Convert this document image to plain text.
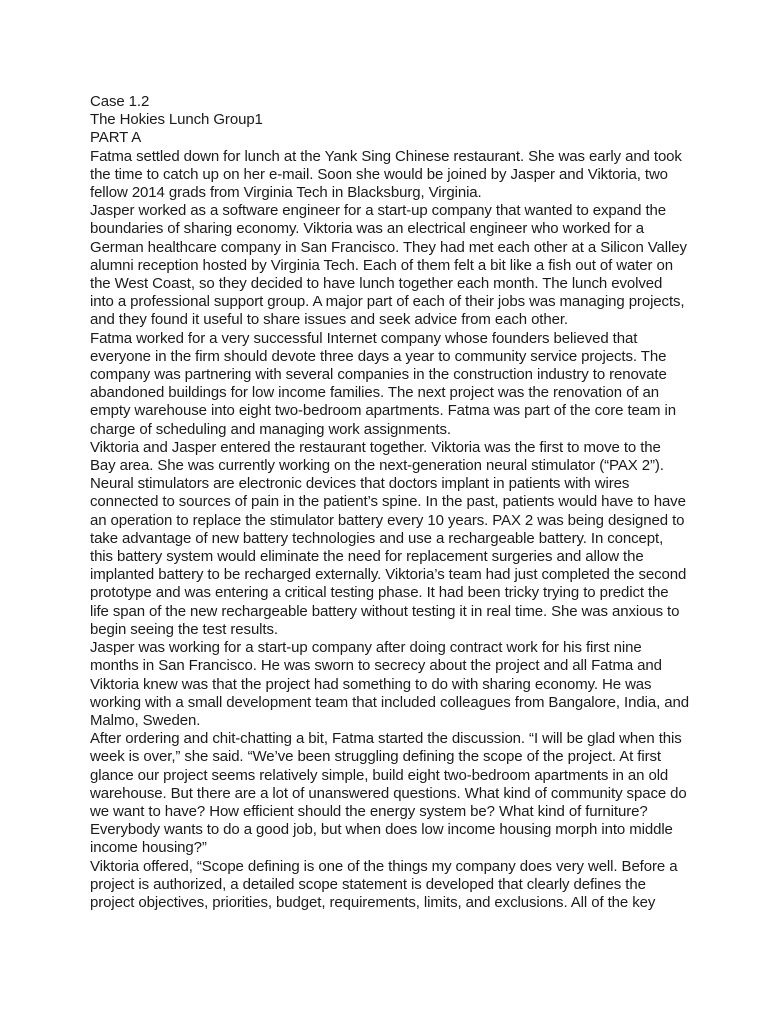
Case 1.2

The Hokies Lunch Group1

PART A

Fatma settled down for lunch at the Yank Sing Chinese restaurant. She was early and took the time to catch up on her e-mail. Soon she would be joined by Jasper and Viktoria, two fellow 2014 grads from Virginia Tech in Blacksburg, Virginia.

Jasper worked as a software engineer for a start-up company that wanted to expand the boundaries of sharing economy. Viktoria was an electrical engineer who worked for a German healthcare company in San Francisco. They had met each other at a Silicon Valley alumni reception hosted by Virginia Tech. Each of them felt a bit like a fish out of water on the West Coast, so they decided to have lunch together each month. The lunch evolved into a professional support group. A major part of each of their jobs was managing projects, and they found it useful to share issues and seek advice from each other.

Fatma worked for a very successful Internet company whose founders believed that everyone in the firm should devote three days a year to community service projects. The company was partnering with several companies in the construction industry to renovate abandoned buildings for low income families. The next project was the renovation of an empty warehouse into eight two-bedroom apartments. Fatma was part of the core team in charge of scheduling and managing work assignments.

Viktoria and Jasper entered the restaurant together. Viktoria was the first to move to the Bay area. She was currently working on the next-generation neural stimulator (“PAX 2”). Neural stimulators are electronic devices that doctors implant in patients with wires connected to sources of pain in the patient’s spine. In the past, patients would have to have an operation to replace the stimulator battery every 10 years. PAX 2 was being designed to take advantage of new battery technologies and use a rechargeable battery. In concept, this battery system would eliminate the need for replacement surgeries and allow the implanted battery to be recharged externally. Viktoria’s team had just completed the second prototype and was entering a critical testing phase. It had been tricky trying to predict the life span of the new rechargeable battery without testing it in real time. She was anxious to begin seeing the test results.

Jasper was working for a start-up company after doing contract work for his first nine months in San Francisco. He was sworn to secrecy about the project and all Fatma and Viktoria knew was that the project had something to do with sharing economy. He was working with a small development team that included colleagues from Bangalore, India, and Malmo, Sweden.

After ordering and chit-chatting a bit, Fatma started the discussion. “I will be glad when this week is over,” she said. “We’ve been struggling defining the scope of the project. At first glance our project seems relatively simple, build eight two-bedroom apartments in an old warehouse. But there are a lot of unanswered questions. What kind of community space do we want to have? How efficient should the energy system be? What kind of furniture? Everybody wants to do a good job, but when does low income housing morph into middle income housing?”

Viktoria offered, “Scope defining is one of the things my company does very well. Before a project is authorized, a detailed scope statement is developed that clearly defines the project objectives, priorities, budget, requirements, limits, and exclusions. All of the key
